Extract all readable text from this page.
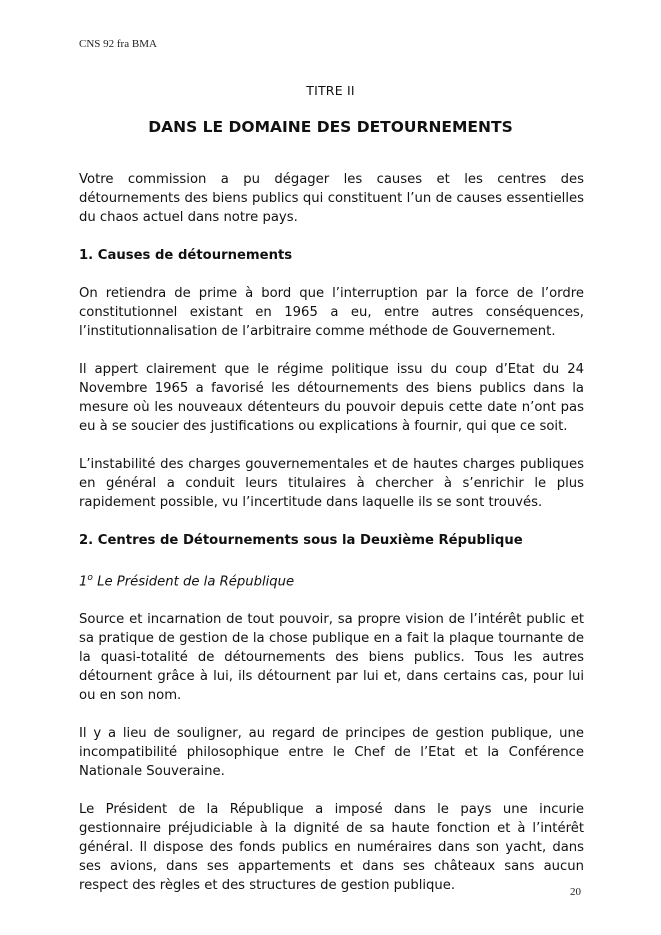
CNS 92 fra BMA
TITRE II
DANS LE DOMAINE DES DETOURNEMENTS

Votre commission a pu dégager les causes et les centres des détournements des biens publics qui constituent l’un de causes essentielles du chaos actuel dans notre pays.

1. Causes de détournements

On retiendra de prime à bord que l’interruption par la force de l’ordre constitutionnel existant en 1965 a eu, entre autres conséquences, l’institutionnalisation de l’arbitraire comme méthode de Gouvernement.

Il appert clairement que le régime politique issu du coup d’Etat du 24 Novembre 1965 a favorisé les détournements des biens publics dans la mesure où les nouveaux détenteurs du pouvoir depuis cette date n’ont pas eu à se soucier des justifications ou explications à fournir, qui que ce soit.

L’instabilité des charges gouvernementales et de hautes charges publiques en général a conduit leurs titulaires à chercher à s’enrichir le plus rapidement possible, vu l’incertitude dans laquelle ils se sont trouvés.

2. Centres de Détournements sous la Deuxième République
1$^o$ Le Président de la République

Source et incarnation de tout pouvoir, sa propre vision de l’intérêt public et sa pratique de gestion de la chose publique en a fait la plaque tournante de la quasi-totalité de détournements des biens publics. Tous les autres détournent grâce à lui, ils détournent par lui et, dans certains cas, pour lui ou en son nom.

Il y a lieu de souligner, au regard de principes de gestion publique, une incompatibilité philosophique entre le Chef de l’Etat et la Conférence Nationale Souveraine.

Le Président de la République a imposé dans le pays une incurie gestionnaire préjudiciable à la dignité de sa haute fonction et à l’intérêt général. Il dispose des fonds publics en numéraires dans son yacht, dans ses avions, dans ses appartements et dans ses châteaux sans aucun respect des règles et des structures de gestion publique.	20
